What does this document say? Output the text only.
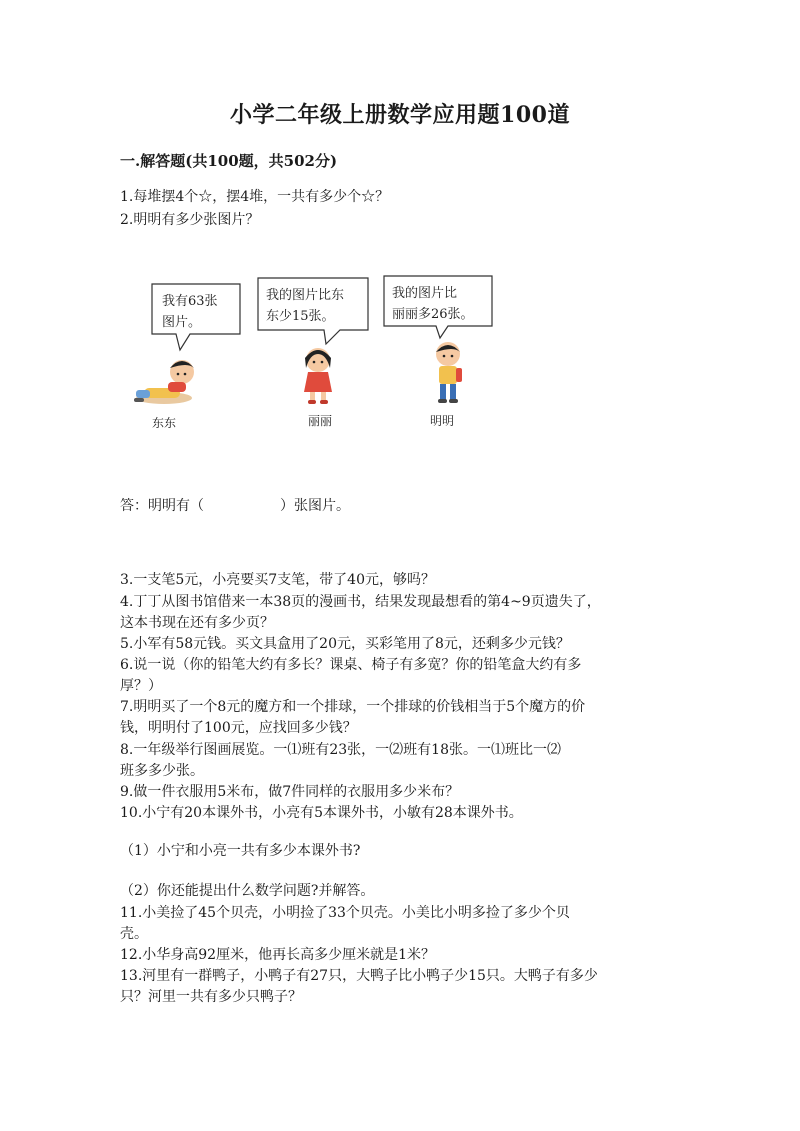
小学二年级上册数学应用题100道
一.解答题(共100题，共502分)
1.每堆摆4个☆，摆4堆，一共有多少个☆？
2.明明有多少张图片？
我有63张
图片。
我的图片比东
东少15张。
我的图片比
丽丽多26张。
东东	丽丽	明明
答：明明有（	）张图片。
3.一支笔5元，小亮要买7支笔，带了40元，够吗？
4.丁丁从图书馆借来一本38页的漫画书，结果发现最想看的第4~9页遗失了，
这本书现在还有多少页？
5.小军有58元钱。买文具盒用了20元，买彩笔用了8元，还剩多少元钱？
6.说一说（你的铅笔大约有多长？课桌、椅子有多宽？你的铅笔盒大约有多
厚？）
7.明明买了一个8元的魔方和一个排球，一个排球的价钱相当于5个魔方的价
钱，明明付了100元，应找回多少钱？
8.一年级举行图画展览。一⑴班有23张，一⑵班有18张。一⑴班比一⑵
班多多少张。
9.做一件衣服用5米布，做7件同样的衣服用多少米布？
10.小宁有20本课外书，小亮有5本课外书，小敏有28本课外书。
（1）小宁和小亮一共有多少本课外书?
（2）你还能提出什么数学问题?并解答。
11.小美捡了45个贝壳，小明捡了33个贝壳。小美比小明多捡了多少个贝
壳。
12.小华身高92厘米，他再长高多少厘米就是1米？
13.河里有一群鸭子，小鸭子有27只，大鸭子比小鸭子少15只。大鸭子有多少
只？河里一共有多少只鸭子？
